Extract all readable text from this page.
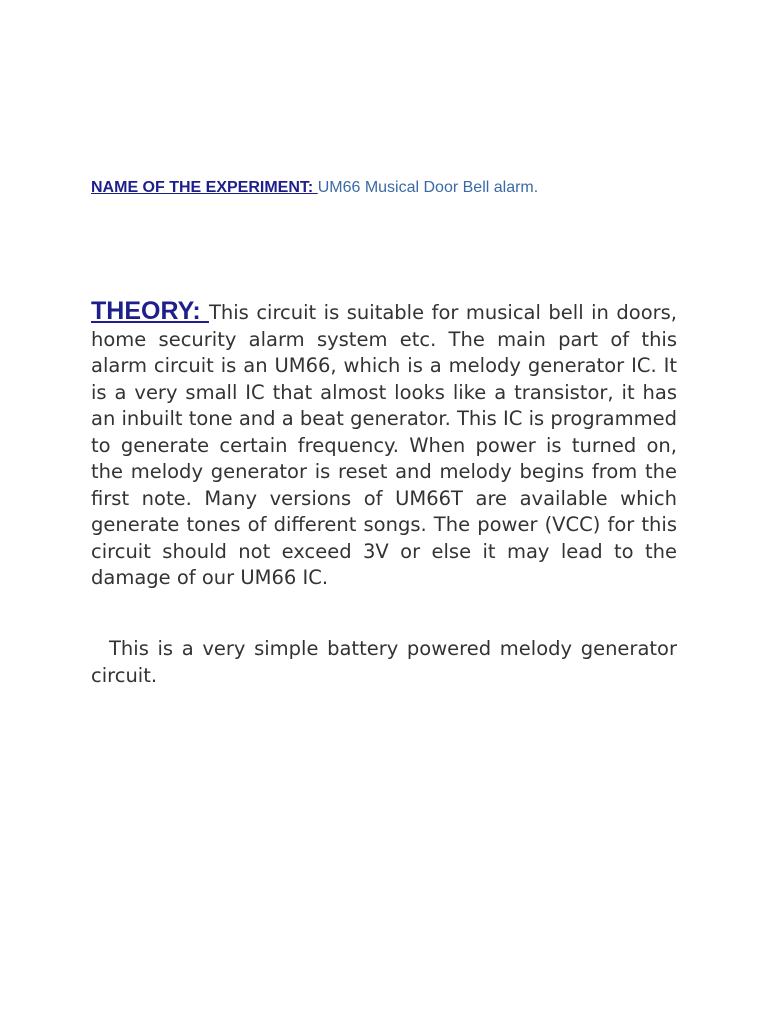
NAME OF THE EXPERIMENT: UM66 Musical Door Bell alarm.

THEORY: This circuit is suitable for musical bell in doors, home security alarm system etc. The main part of this alarm circuit is an UM66, which is a melody generator IC. It is a very small IC that almost looks like a transistor, it has an inbuilt tone and a beat generator. This IC is programmed to generate certain frequency. When power is turned on, the melody generator is reset and melody begins from the first note. Many versions of UM66T are available which generate tones of different songs. The power (VCC) for this circuit should not exceed 3V or else it may lead to the damage of our UM66 IC.

This is a very simple battery powered melody generator circuit.
